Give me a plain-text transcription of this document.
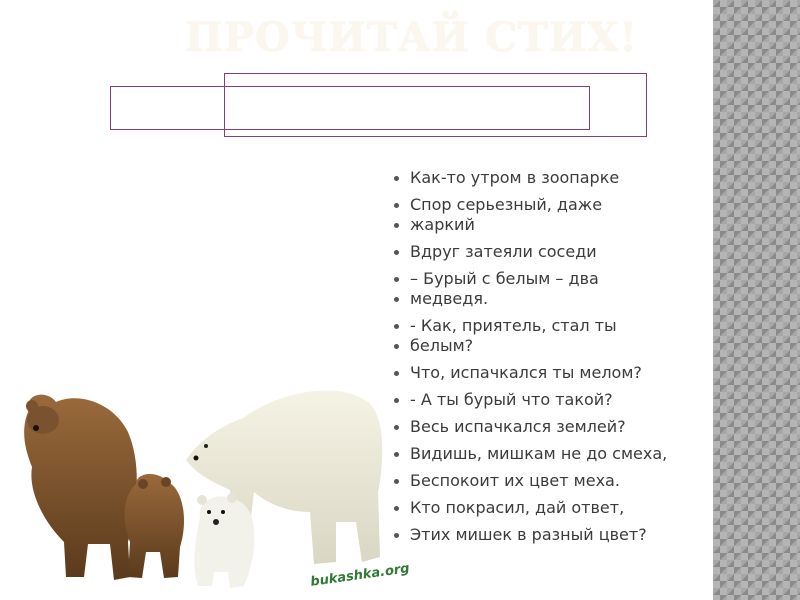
ПРОЧИТАЙ СТИХ!
Как-то утром в зоопарке
Спор серьезный, даже
жаркий
Вдруг затеяли соседи
– Бурый с белым – два
медведя.
- Как, приятель, стал ты
белым?
Что, испачкался ты мелом?
- А ты бурый что такой?
Весь испачкался землей?
Видишь, мишкам не до смеха,
Беспокоит их цвет меха.
Кто покрасил, дай ответ,
Этих мишек в разный цвет?
bukashka.org
